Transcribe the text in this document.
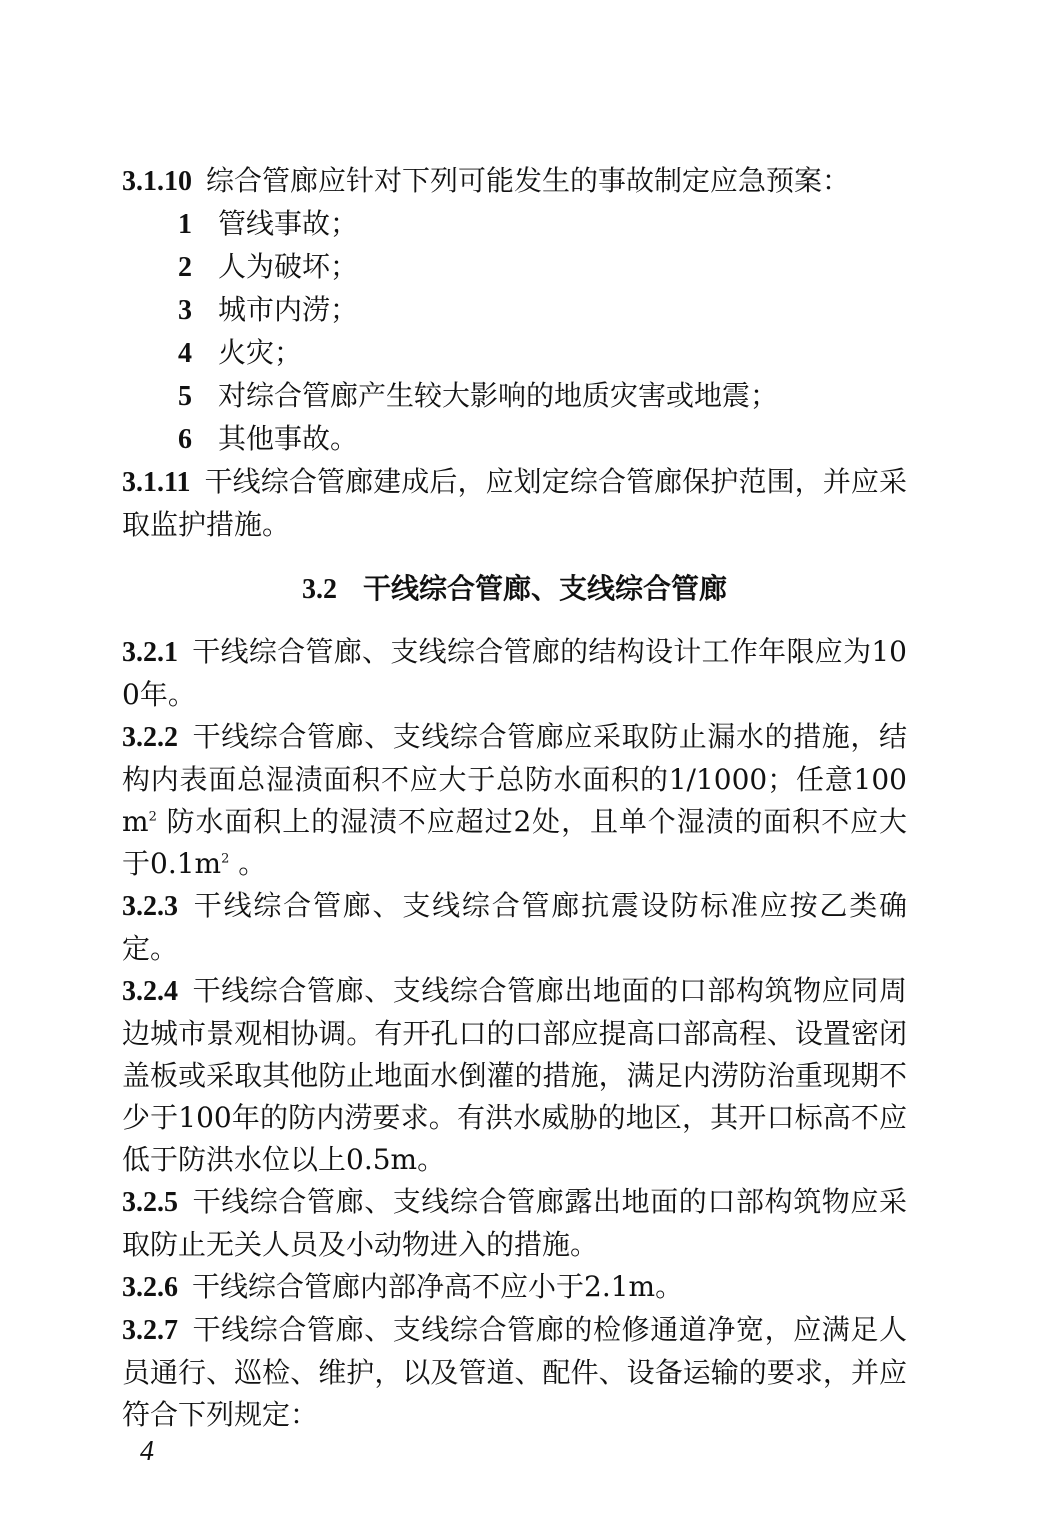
3.1.10 综合管廊应针对下列可能发生的事故制定应急预案：

1 管线事故；

2 人为破坏；

3 城市内涝；

4 火灾；

5 对综合管廊产生较大影响的地质灾害或地震；

6 其他事故。

3.1.11 干线综合管廊建成后，应划定综合管廊保护范围，并应采取监护措施。

3.2 干线综合管廊、支线综合管廊

3.2.1 干线综合管廊、支线综合管廊的结构设计工作年限应为100年。

3.2.2 干线综合管廊、支线综合管廊应采取防止漏水的措施，结构内表面总湿渍面积不应大于总防水面积的1/1000；任意$100m^2$ 防水面积上的湿渍不应超过2处，且单个湿渍的面积不应大于$0.1m^2$ 。

3.2.3 干线综合管廊、支线综合管廊抗震设防标准应按乙类确定。

3.2.4 干线综合管廊、支线综合管廊出地面的口部构筑物应同周边城市景观相协调。有开孔口的口部应提高口部高程、设置密闭盖板或采取其他防止地面水倒灌的措施，满足内涝防治重现期不少于100年的防内涝要求。有洪水威胁的地区，其开口标高不应低于防洪水位以上0.5m。

3.2.5 干线综合管廊、支线综合管廊露出地面的口部构筑物应采取防止无关人员及小动物进入的措施。

3.2.6 干线综合管廊内部净高不应小于2.1m。

3.2.7 干线综合管廊、支线综合管廊的检修通道净宽，应满足人员通行、巡检、维护，以及管道、配件、设备运输的要求，并应符合下列规定：

4
